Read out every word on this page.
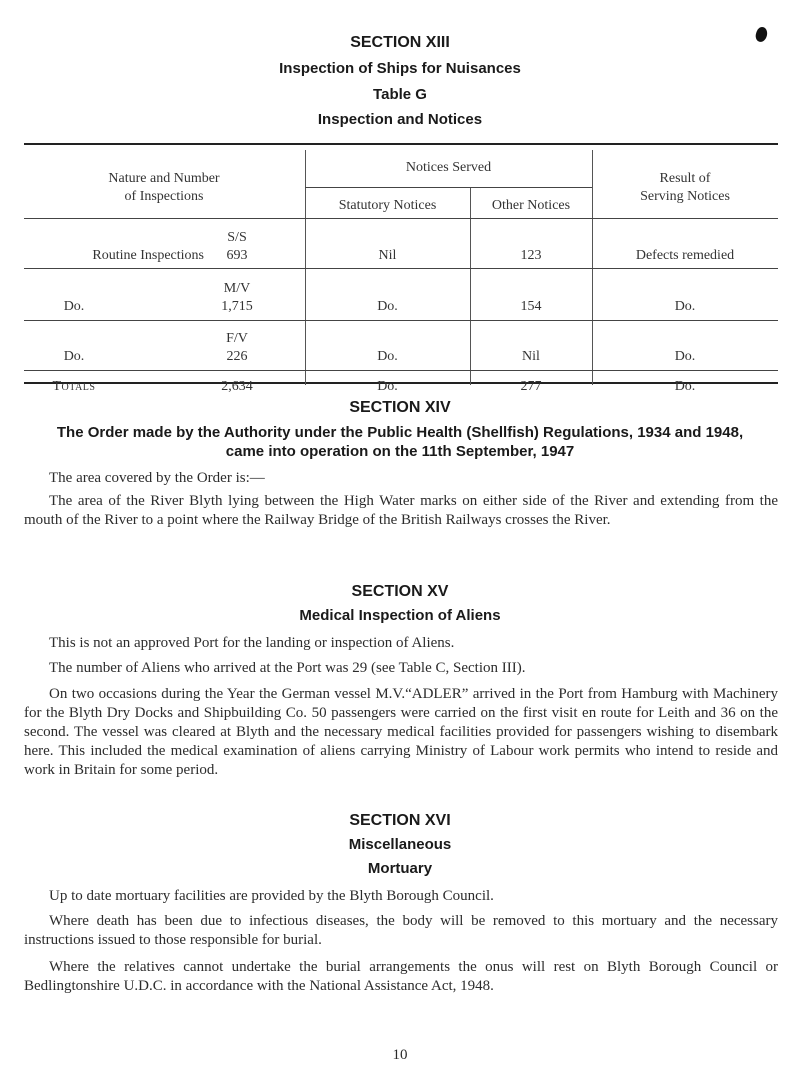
SECTION XIII
Inspection of Ships for Nuisances
Table G
Inspection and Notices
Nature and Number
of Inspections
Notices Served
Statutory Notices	Other Notices
Result of
Serving Notices
S/S
Routine Inspections	693	Nil	123	Defects remedied
M/V
Do.	1,715	Do.	154	Do.
F/V
Do.	226	Do.	Nil	Do.
Totals	2,634	Do.	277	Do.
SECTION XIV
The Order made by the Authority under the Public Health (Shellfish) Regulations, 1934 and 1948,
came into operation on the 11th September, 1947
The area covered by the Order is:—
The area of the River Blyth lying between the High Water marks on either side of the River and extending from the mouth of the River to a point where the Railway Bridge of the British Railways crosses the River.
SECTION XV
Medical Inspection of Aliens
This is not an approved Port for the landing or inspection of Aliens.
The number of Aliens who arrived at the Port was 29 (see Table C, Section III).
On two occasions during the Year the German vessel M.V.“ADLER” arrived in the Port from Hamburg with Machinery for the Blyth Dry Docks and Shipbuilding Co. 50 passengers were carried on the first visit en route for Leith and 36 on the second. The vessel was cleared at Blyth and the necessary medical facilities provided for passengers wishing to disembark here. This included the medical examination of aliens carrying Ministry of Labour work permits who intend to reside and work in Britain for some period.
SECTION XVI
Miscellaneous
Mortuary
Up to date mortuary facilities are provided by the Blyth Borough Council.
Where death has been due to infectious diseases, the body will be removed to this mortuary and the necessary instructions issued to those responsible for burial.
Where the relatives cannot undertake the burial arrangements the onus will rest on Blyth Borough Council or Bedlingtonshire U.D.C. in accordance with the National Assistance Act, 1948.
10
